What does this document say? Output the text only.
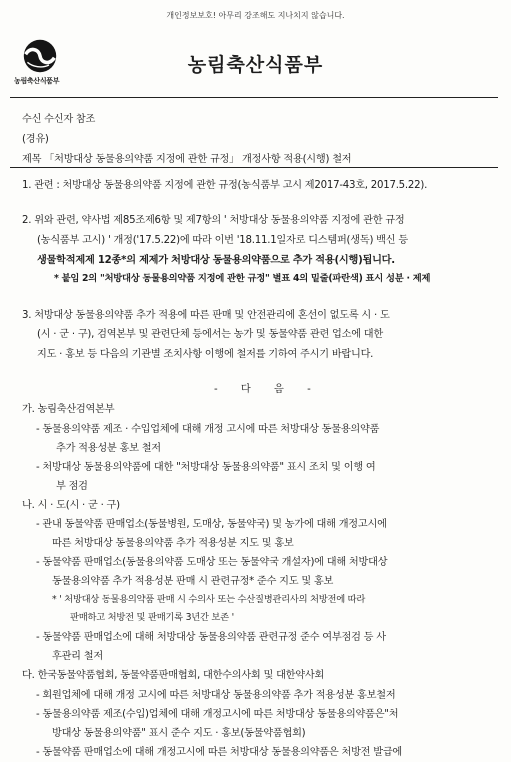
개인정보보호! 아무리 강조해도 지나치지 않습니다.
농림축산식품부
농림축산식품부
수신 수신자 참조
(경유)
제목 「처방대상 동물용의약품 지정에 관한 규정」 개정사항 적용(시행) 철저
1. 관련 : 처방대상 동물용의약품 지정에 관한 규정(농식품부 고시 제2017-43호, 2017.5.22).
2. 위와 관련, 약사법 제85조제6항 및 제7항의 ' 처방대상 동물용의약품 지정에 관한 규정
(농식품부 고시) ' 개정('17.5.22)에 따라 이번 '18.11.1일자로 디스템퍼(생독) 백신 등
생물학적제제 12종*의 제제가 처방대상 동물용의약품으로 추가 적용(시행)됩니다.
* 붙임 2의 "처방대상 동물용의약품 지정에 관한 규정" 별표 4의 밑줄(파란색) 표시 성분 · 제제
3. 처방대상 동물용의약품 추가 적용에 따른 판매 및 안전관리에 혼선이 없도록 시 · 도
(시 · 군 · 구), 검역본부 및 관련단체 등에서는 농가 및 동물약품 관련 업소에 대한
지도 · 홍보 등 다음의 기관별 조치사항 이행에 철저를 기하여 주시기 바랍니다.
- 다 음 -
가. 농림축산검역본부
- 동물용의약품 제조 · 수입업체에 대해 개정 고시에 따른 처방대상 동물용의약품
추가 적용성분 홍보 철저
- 처방대상 동물용의약품에 대한 "처방대상 동물용의약품" 표시 조치 및 이행 여
부 점검
나. 시 · 도(시 · 군 · 구)
- 관내 동물약품 판매업소(동물병원, 도매상, 동물약국) 및 농가에 대해 개정고시에
따른 처방대상 동물용의약품 추가 적용성분 지도 및 홍보
- 동물약품 판매업소(동물용의약품 도매상 또는 동물약국 개설자)에 대해 처방대상
동물용의약품 추가 적용성분 판매 시 관련규정* 준수 지도 및 홍보
* ' 처방대상 동물용의약품 판매 시 수의사 또는 수산질병관리사의 처방전에 따라
판매하고 처방전 및 판매기록 3년간 보존 '
- 동물약품 판매업소에 대해 처방대상 동물용의약품 관련규정 준수 여부점검 등 사
후관리 철저
다. 한국동물약품협회, 동물약품판매협회, 대한수의사회 및 대한약사회
- 회원업체에 대해 개정 고시에 따른 처방대상 동물용의약품 추가 적용성분 홍보철저
- 동물용의약품 제조(수입)업체에 대해 개정고시에 따른 처방대상 동물용의약품은"처
방대상 동물용의약품" 표시 준수 지도 · 홍보(동물약품협회)
- 동물약품 판매업소에 대해 개정고시에 따른 처방대상 동물용의약품은 처방전 발급에
